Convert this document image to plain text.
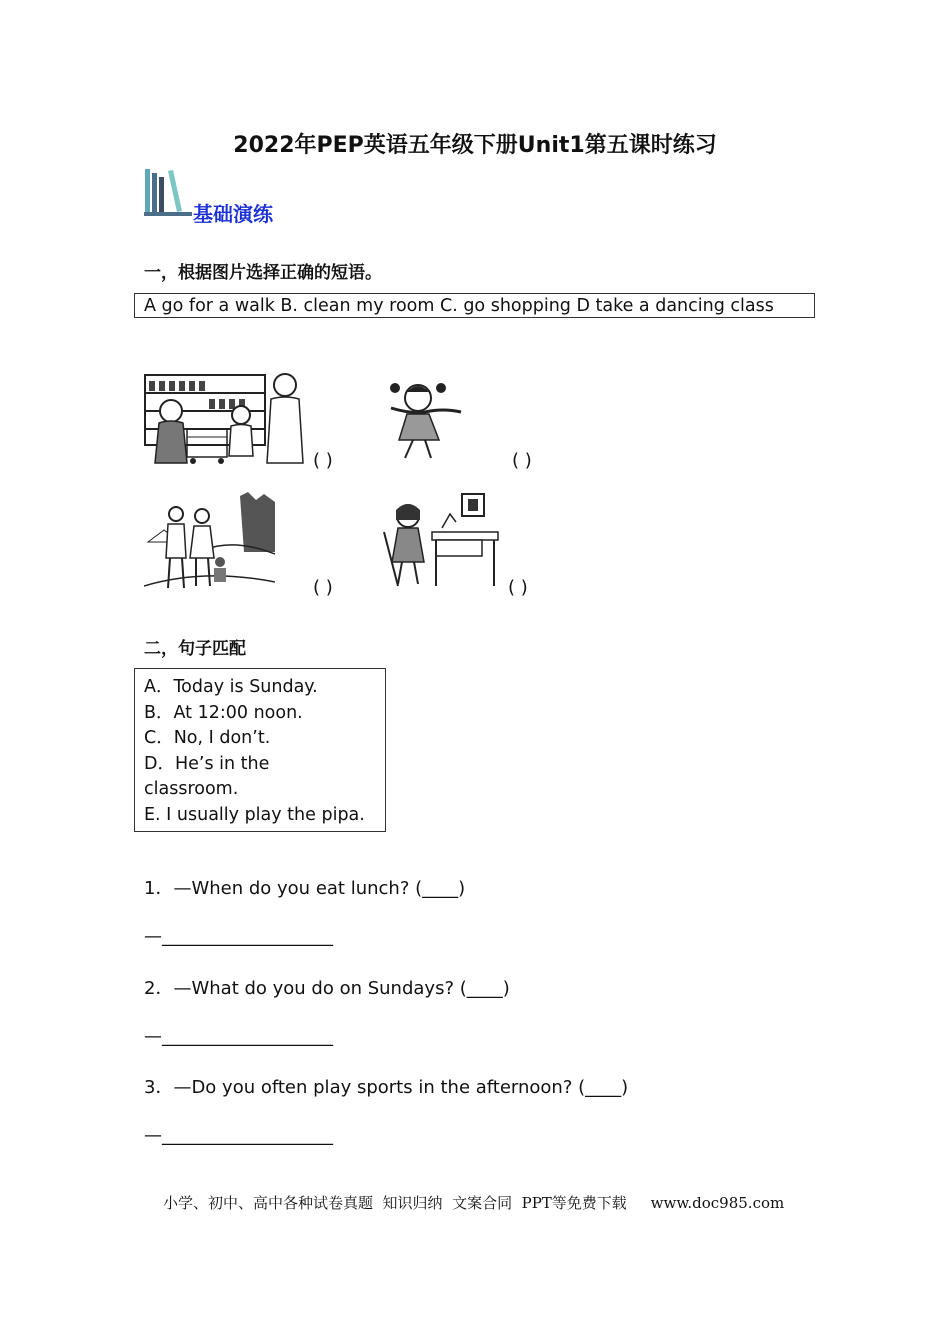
2022年PEP英语五年级下册Unit1第五课时练习
基础演练
一，根据图片选择正确的短语。
A go for a walk B. clean my room C. go shopping D take a dancing class
( )	( )
( )	( )
二，句子匹配
A．Today is Sunday.
B．At 12:00 noon.
C．No, I don’t.
D．He’s in the
classroom.
E. I usually play the pipa.
1．—When do you eat lunch? (____)
—___________________
2．—What do you do on Sundays? (____)
—___________________
3．—Do you often play sports in the afternoon? (____)
—___________________
小学、初中、高中各种试卷真题  知识归纳  文案合同  PPT等免费下载     www.doc985.com
